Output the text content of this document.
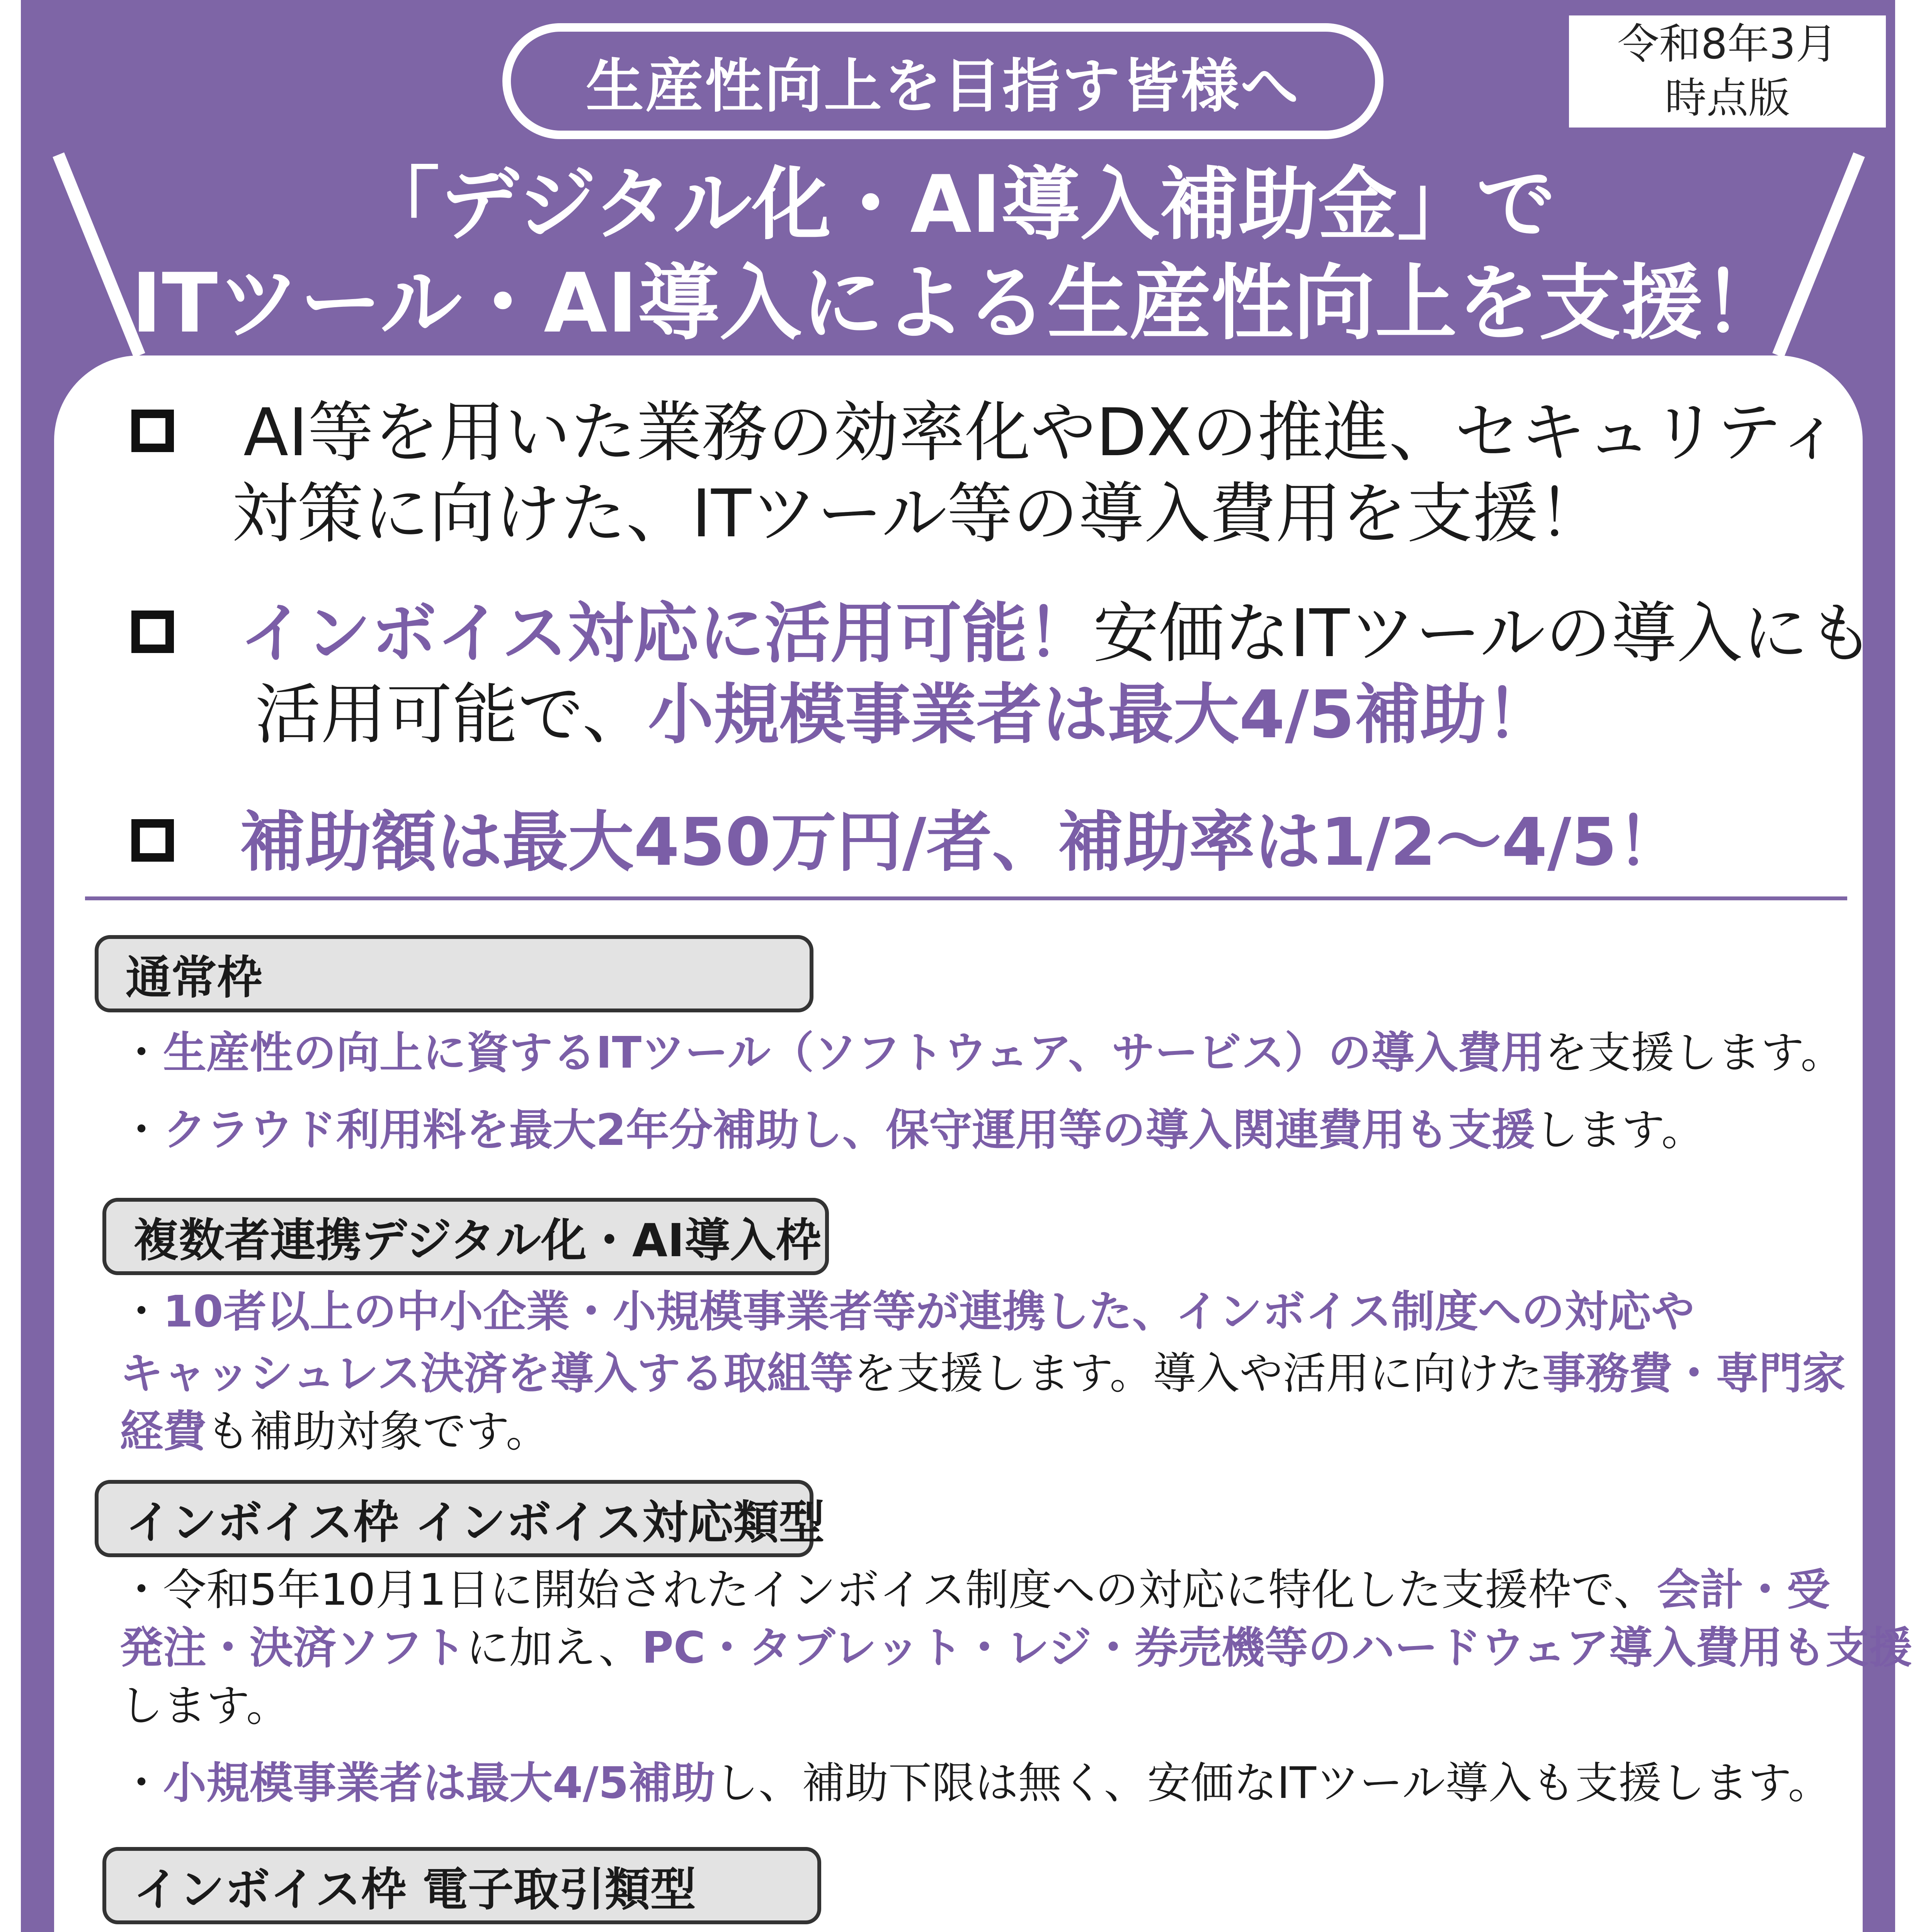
生産性向上を目指す皆様へ
令和8年3月
時点版
「デジタル化・AI導入補助金」で
ITツール・AI導入による生産性向上を支援！
AI等を用いた業務の効率化やDXの推進、セキュリティ
対策に向けた、ITツール等の導入費用を支援！
インボイス対応に活用可能！安価なITツールの導入にも
活用可能で、小規模事業者は最大4/5補助！
補助額は最大450万円/者、補助率は1/2～4/5！
通常枠
・生産性の向上に資するITツール（ソフトウェア、サービス）の導入費用を支援します。
・クラウド利用料を最大2年分補助し、保守運用等の導入関連費用も支援します。
複数者連携デジタル化・AI導入枠
・10者以上の中小企業・小規模事業者等が連携した、インボイス制度への対応や
キャッシュレス決済を導入する取組等を支援します。導入や活用に向けた事務費・専門家
経費も補助対象です。
インボイス枠 インボイス対応類型
・令和5年10月1日に開始されたインボイス制度への対応に特化した支援枠で、会計・受
発注・決済ソフトに加え、PC・タブレット・レジ・券売機等のハードウェア導入費用も支援
します。
・小規模事業者は最大4/5補助し、補助下限は無く、安価なITツール導入も支援します。
インボイス枠 電子取引類型
